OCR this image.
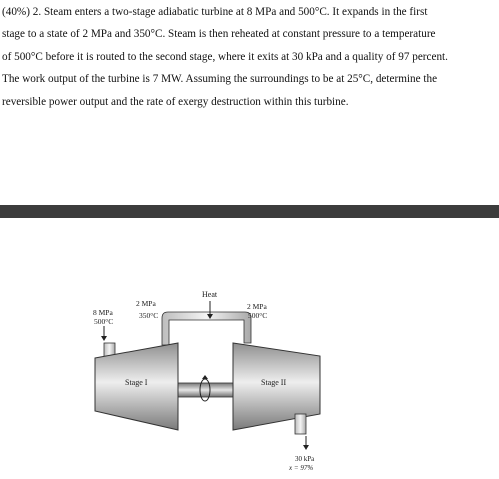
(40%) 2. Steam enters a two-stage adiabatic turbine at 8 MPa and 500°C. It expands in the first
stage to a state of 2 MPa and 350°C. Steam is then reheated at constant pressure to a temperature
of 500°C before it is routed to the second stage, where it exits at 30 kPa and a quality of 97 percent.
The work output of the turbine is 7 MW. Assuming the surroundings to be at 25°C, determine the
reversible power output and the rate of exergy destruction within this turbine.
Heat
8 MPa
500°C
2 MPa
350°C
2 MPa
500°C
Stage I	Stage II
30 kPa
x = 97%
